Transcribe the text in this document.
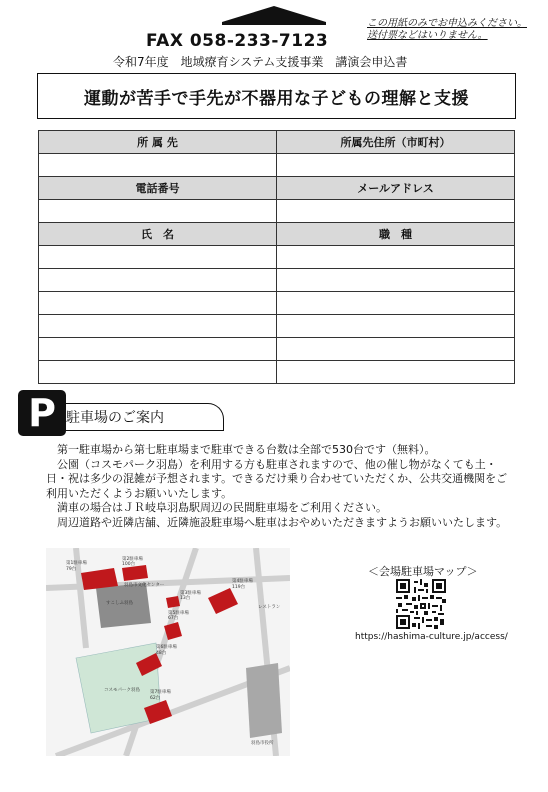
FAX 058-233-7123
この用紙のみでお申込みください。
送付票などはいりません。
令和7年度　地域療育システム支援事業　講演会申込書
運動が苦手で手先が不器用な子どもの理解と支援
所 属 先	所属先住所（市町村）

電話番号	メールアドレス

氏　名	職　種

P 駐車場のご案内

第一駐車場から第七駐車場まで駐車できる台数は全部で530台です（無料）。

公園（コスモパーク羽島）を利用する方も駐車されますので、他の催し物がなくても土・日・祝は多少の混雑が予想されます。できるだけ乗り合わせていただくか、公共交通機関をご利用いただくようお願いいたします。

満車の場合はＪＲ岐阜羽島駅周辺の民間駐車場をご利用ください。

周辺道路や近隣店舗、近隣施設駐車場へ駐車はおやめいただきますようお願いいたします。

コスモパーク羽島
羽島市役所
すこしふ羽島
羽島市文化センター
レストラン
第1駐車場
79台
第2駐車場
100台
第3駐車場
13台
第4駐車場
119台
第5駐車場
67台
第6駐車場
48台
第7駐車場
62台
＜会場駐車場マップ＞
https://hashima-culture.jp/access/
